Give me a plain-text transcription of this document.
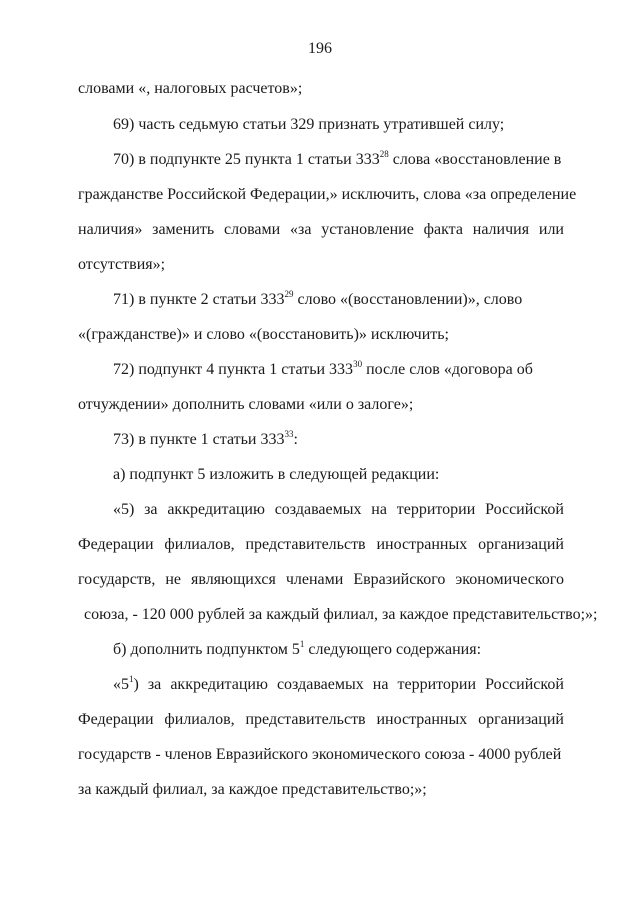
196
словами «, налоговых расчетов»;
69) часть седьмую статьи 329 признать утратившей силу;
70) в подпункте 25 пункта 1 статьи $333^{28}$ слова «восстановление в
гражданстве Российской Федерации,» исключить, слова «за определение
наличия» заменить словами «за установление факта наличия или
отсутствия»;
71) в пункте 2 статьи $333^{29}$ слово «(восстановлении)», слово
«(гражданстве)» и слово «(восстановить)» исключить;
72) подпункт 4 пункта 1 статьи $333^{30}$ после слов «договора об
отчуждении» дополнить словами «или о залоге»;
73) в пункте 1 статьи $333^{33}$:
а) подпункт 5 изложить в следующей редакции:
«5) за аккредитацию создаваемых на территории Российской
Федерации филиалов, представительств иностранных организаций
государств, не являющихся членами Евразийского экономического
союза, - 120 000 рублей за каждый филиал, за каждое представительство;»;
б) дополнить подпунктом $5^1$ следующего содержания:
«$5^1$) за аккредитацию создаваемых на территории Российской
Федерации филиалов, представительств иностранных организаций
государств - членов Евразийского экономического союза - 4000 рублей
за каждый филиал, за каждое представительство;»;
